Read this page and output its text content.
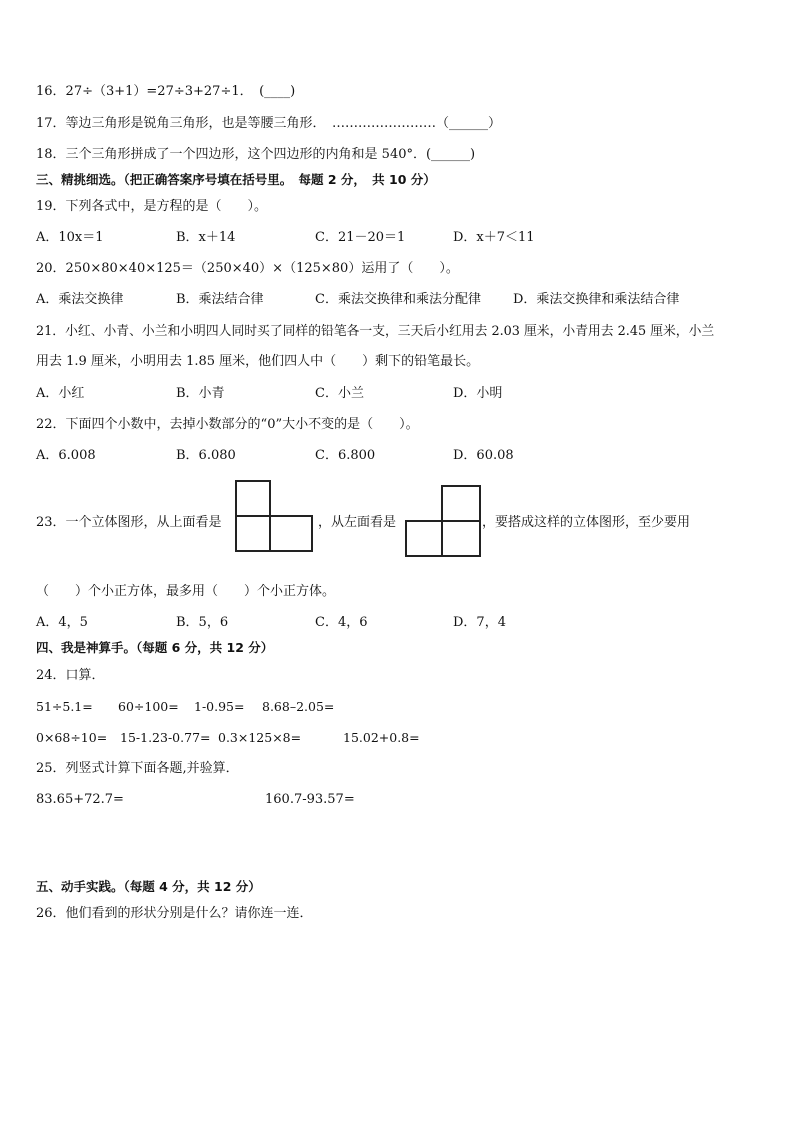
16．27÷（3+1）=27÷3+27÷1．　(____)
17．等边三角形是锐角三角形，也是等腰三角形．　……………………（______）
18．三个三角形拼成了一个四边形，这个四边形的内角和是 540°．(______)
三、精挑细选。（把正确答案序号填在括号里。　每题 2 分，　共 10 分）
19．下列各式中，是方程的是（　　）。
A．10x＝1	B．x＋14	C．21－20＝1	D．x＋7＜11
20．250×80×40×125＝（250×40）×（125×80）运用了（　　）。
A．乘法交换律	B．乘法结合律	C．乘法交换律和乘法分配律 D．乘法交换律和乘法结合律
21．小红、小青、小兰和小明四人同时买了同样的铅笔各一支，三天后小红用去 2.03 厘米，小青用去 2.45 厘米，小兰
用去 1.9 厘米，小明用去 1.85 厘米，他们四人中（　　）剩下的铅笔最长。
A．小红	B．小青	C．小兰	D．小明
22．下面四个小数中，去掉小数部分的“0”大小不变的是（　　）。
A．6.008	B．6.080	C．6.800	D．60.08
23．一个立体图形，从上面看是	，从左面看是	，要搭成这样的立体图形，至少要用
（　　）个小正方体，最多用（　　）个小正方体。
A．4，5	B．5，6	C．4，6	D．7，4
四、我是神算手。（每题 6 分，共 12 分）
24．口算．
51÷5.1= 60÷100= 1-0.95= 8.68–2.05=
0×68÷10= 15-1.23-0.77= 0.3×125×8=	15.02+0.8=
25．列竖式计算下面各题,并验算．
83.65+72.7=	160.7-93.57=
五、动手实践。（每题 4 分，共 12 分）
26．他们看到的形状分别是什么？请你连一连．
